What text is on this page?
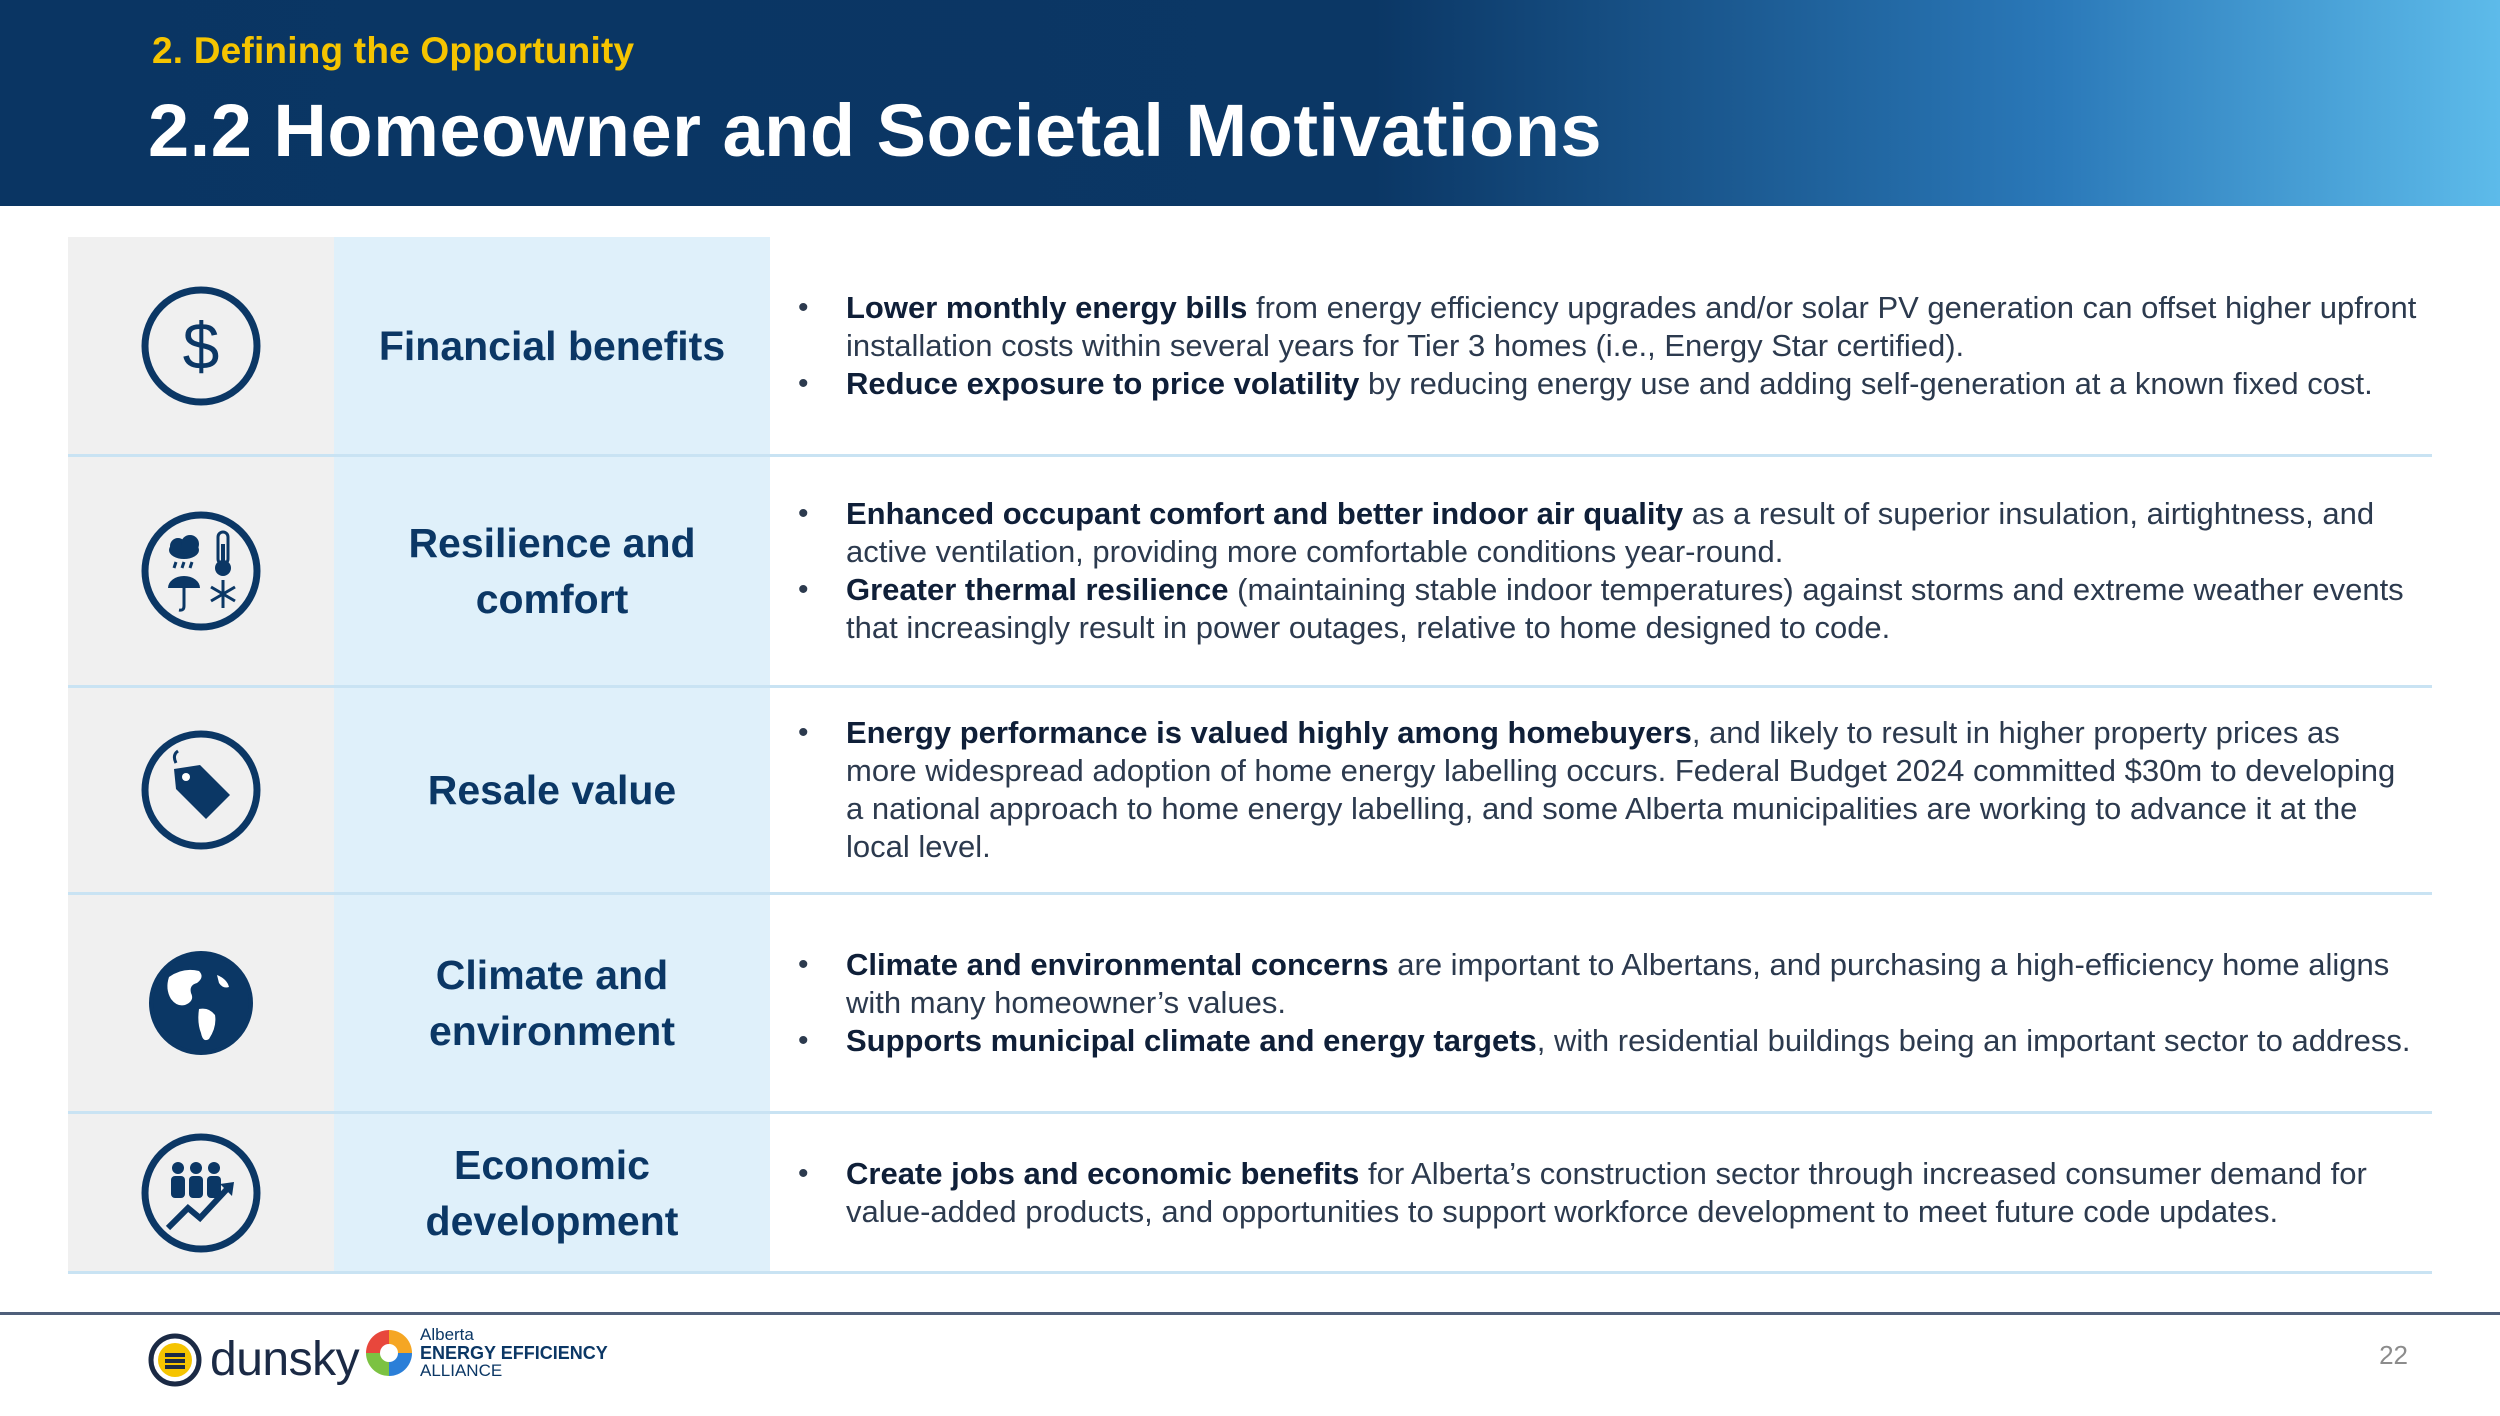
2. Defining the Opportunity
2.2 Homeowner and Societal Motivations
$	Financial benefits
• Lower monthly energy bills from energy efficiency upgrades and/or solar PV generation can offset higher upfront installation costs within several years for Tier 3 homes (i.e., Energy Star certified).
• Reduce exposure to price volatility by reducing energy use and adding self-generation at a known fixed cost.
Resilience and comfort
• Enhanced occupant comfort and better indoor air quality as a result of superior insulation, airtightness, and active ventilation, providing more comfortable conditions year-round.
• Greater thermal resilience (maintaining stable indoor temperatures) against storms and extreme weather events that increasingly result in power outages, relative to home designed to code.
Resale value
• Energy performance is valued highly among homebuyers, and likely to result in higher property prices as more widespread adoption of home energy labelling occurs. Federal Budget 2024 committed $30m to developing a national approach to home energy labelling, and some Alberta municipalities are working to advance it at the local level.
Climate and environment
• Climate and environmental concerns are important to Albertans, and purchasing a high-efficiency home aligns with many homeowner’s values.
• Supports municipal climate and energy targets, with residential buildings being an important sector to address.
Economic development
• Create jobs and economic benefits for Alberta’s construction sector through increased consumer demand for value-added products, and opportunities to support workforce development to meet future code updates.
dunsky	Alberta
ENERGY EFFICIENCY
ALLIANCE
22
